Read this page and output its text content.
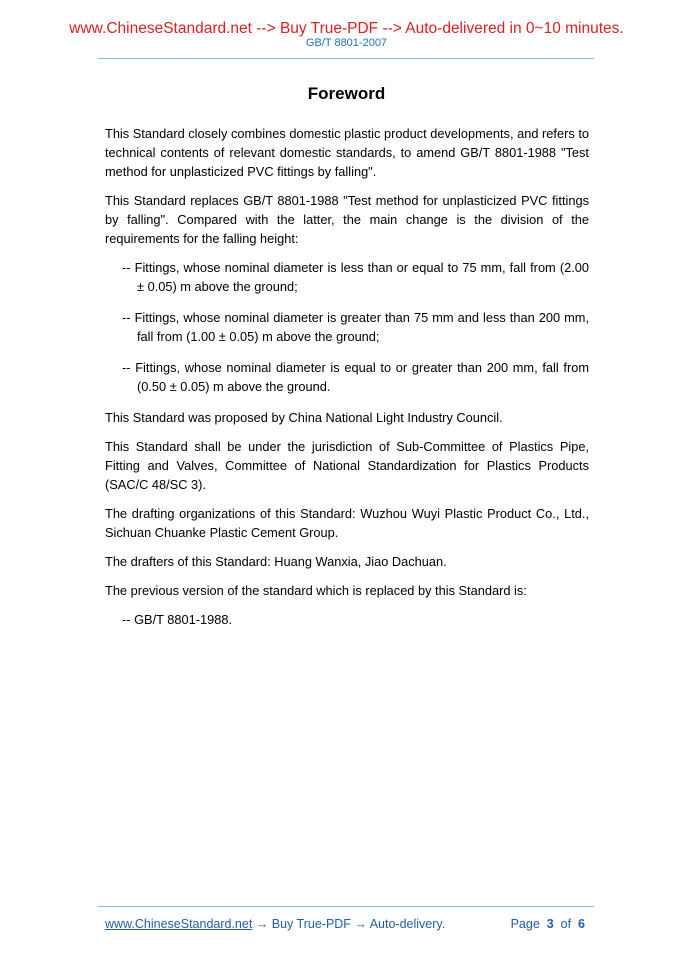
www.ChineseStandard.net --> Buy True-PDF --> Auto-delivered in 0~10 minutes.
GB/T 8801-2007
Foreword

This Standard closely combines domestic plastic product developments, and refers to technical contents of relevant domestic standards, to amend GB/T 8801-1988 "Test method for unplasticized PVC fittings by falling".

This Standard replaces GB/T 8801-1988 "Test method for unplasticized PVC fittings by falling". Compared with the latter, the main change is the division of the requirements for the falling height:

-- Fittings, whose nominal diameter is less than or equal to 75 mm, fall from (2.00 ± 0.05) m above the ground;

-- Fittings, whose nominal diameter is greater than 75 mm and less than 200 mm, fall from (1.00 ± 0.05) m above the ground;

-- Fittings, whose nominal diameter is equal to or greater than 200 mm, fall from (0.50 ± 0.05) m above the ground.

This Standard was proposed by China National Light Industry Council.

This Standard shall be under the jurisdiction of Sub-Committee of Plastics Pipe, Fitting and Valves, Committee of National Standardization for Plastics Products (SAC/C 48/SC 3).

The drafting organizations of this Standard: Wuzhou Wuyi Plastic Product Co., Ltd., Sichuan Chuanke Plastic Cement Group.

The drafters of this Standard: Huang Wanxia, Jiao Dachuan.

The previous version of the standard which is replaced by this Standard is:

-- GB/T 8801-1988.

www.ChineseStandard.net → Buy True-PDF → Auto-delivery.	Page 3 of 6
